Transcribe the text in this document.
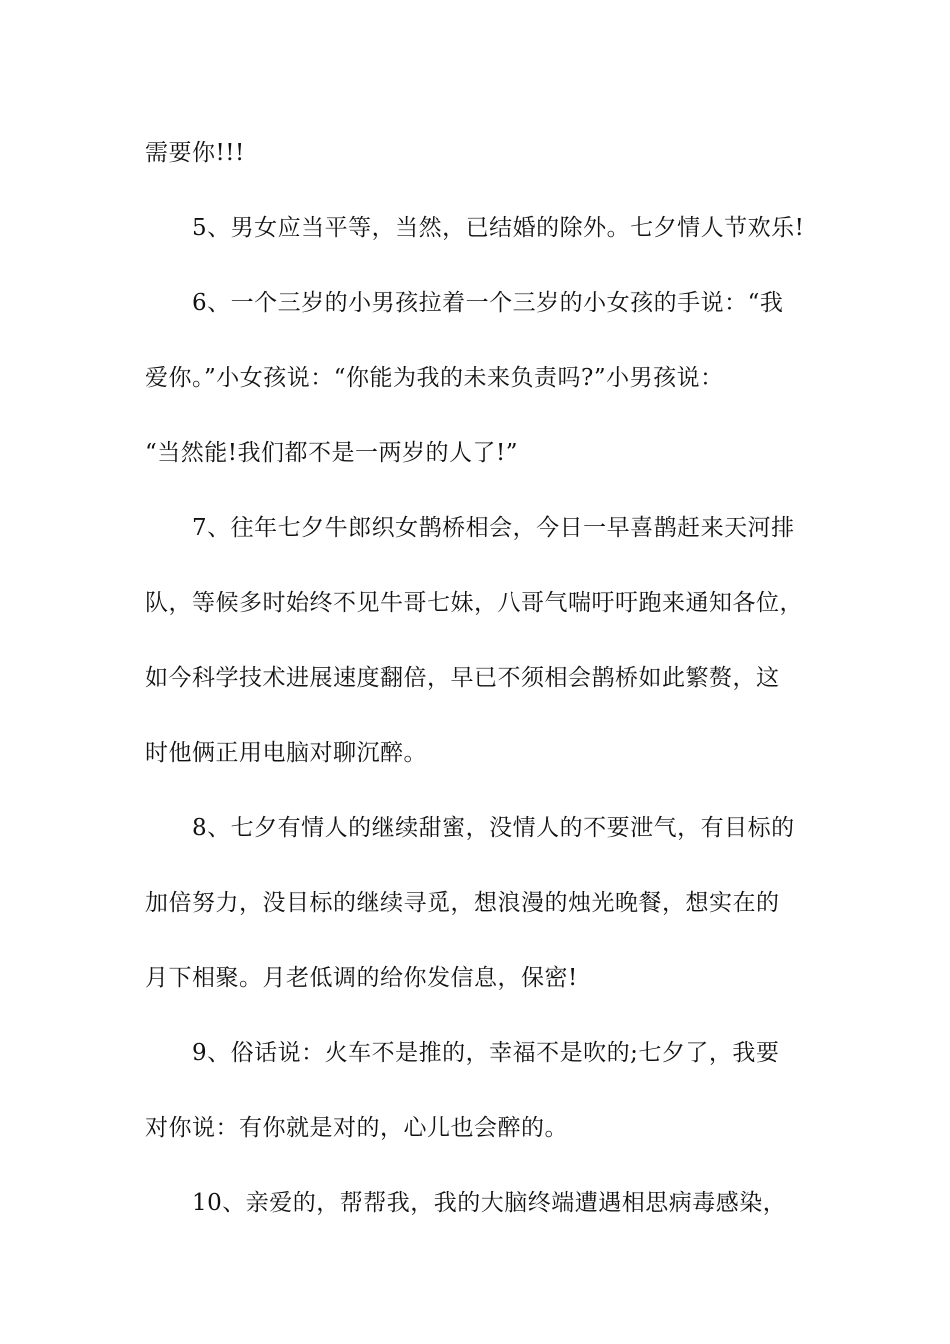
需要你!!!
5、男女应当平等，当然，已结婚的除外。七夕情人节欢乐!
6、一个三岁的小男孩拉着一个三岁的小女孩的手说：“我
爱你。”小女孩说：“你能为我的未来负责吗?”小男孩说：
“当然能!我们都不是一两岁的人了!”
7、往年七夕牛郎织女鹊桥相会，今日一早喜鹊赶来天河排
队，等候多时始终不见牛哥七妹，八哥气喘吁吁跑来通知各位，
如今科学技术进展速度翻倍，早已不须相会鹊桥如此繁赘，这
时他俩正用电脑对聊沉醉。
8、七夕有情人的继续甜蜜，没情人的不要泄气，有目标的
加倍努力，没目标的继续寻觅，想浪漫的烛光晚餐，想实在的
月下相聚。月老低调的给你发信息，保密!
9、俗话说：火车不是推的，幸福不是吹的;七夕了，我要
对你说：有你就是对的，心儿也会醉的。
10、亲爱的，帮帮我，我的大脑终端遭遇相思病毒感染，
